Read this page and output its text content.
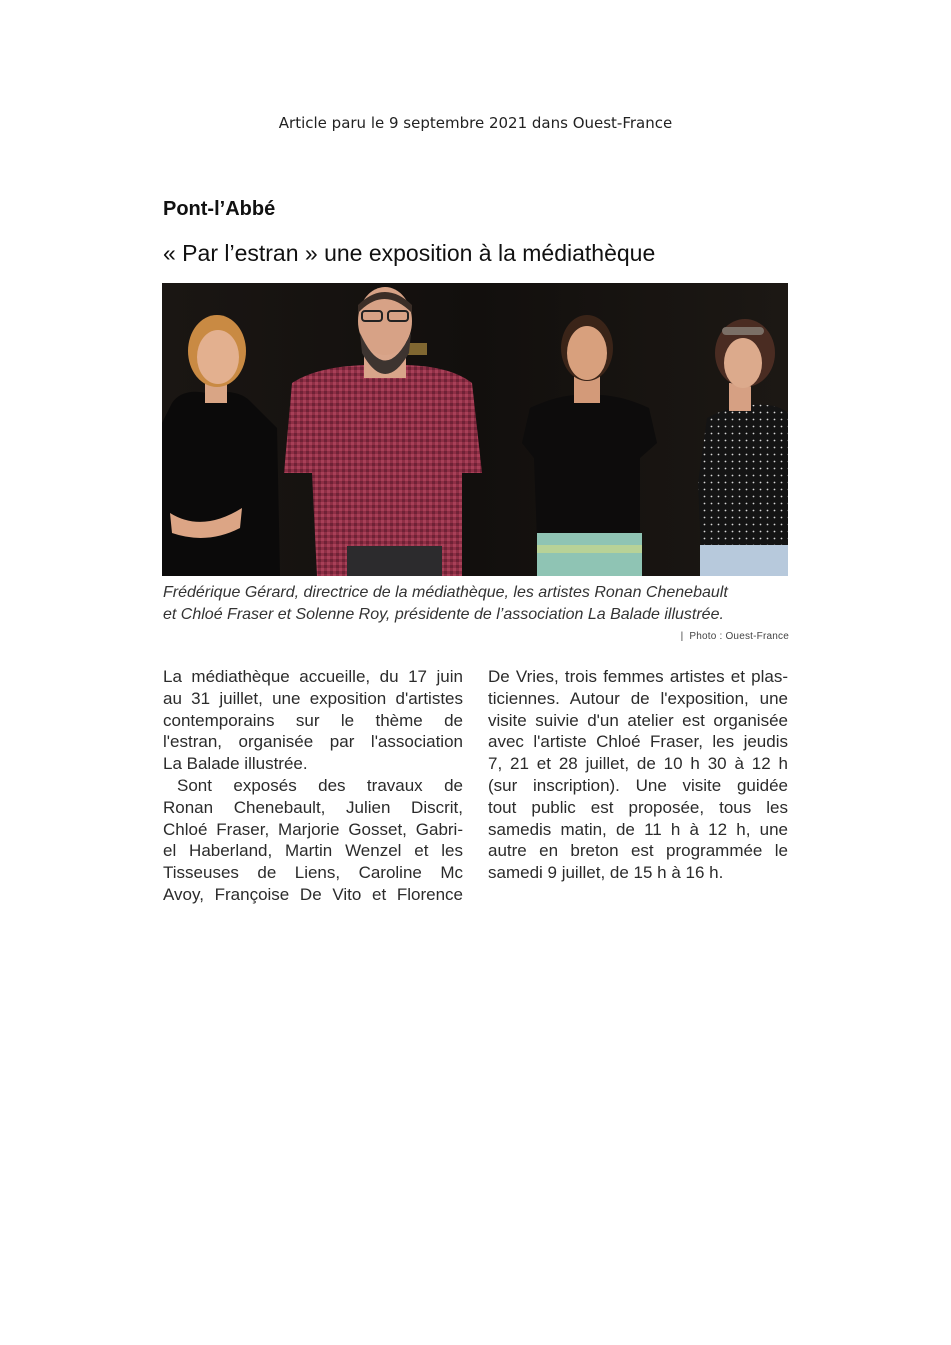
Article paru le 9 septembre 2021 dans Ouest-France
Pont-l’Abbé
« Par l’estran » une exposition à la médiathèque
Frédérique Gérard, directrice de la médiathèque, les artistes Ronan Chenebault
et Chloé Fraser et Solenne Roy, présidente de l’association La Balade illustrée.
| Photo : Ouest-France
La médiathèque accueille, du 17 juin
au 31 juillet, une exposition d'artistes
contemporains sur le thème de
l'estran, organisée par l'association
La Balade illustrée.
Sont exposés des travaux de
Ronan Chenebault, Julien Discrit,
Chloé Fraser, Marjorie Gosset, Gabri-
el Haberland, Martin Wenzel et les
Tisseuses de Liens, Caroline Mc
Avoy, Françoise De Vito et Florence
De Vries, trois femmes artistes et plas-
ticiennes. Autour de l'exposition, une
visite suivie d'un atelier est organisée
avec l'artiste Chloé Fraser, les jeudis
7, 21 et 28 juillet, de 10 h 30 à 12 h
(sur inscription). Une visite guidée
tout public est proposée, tous les
samedis matin, de 11 h à 12 h, une
autre en breton est programmée le
samedi 9 juillet, de 15 h à 16 h.
